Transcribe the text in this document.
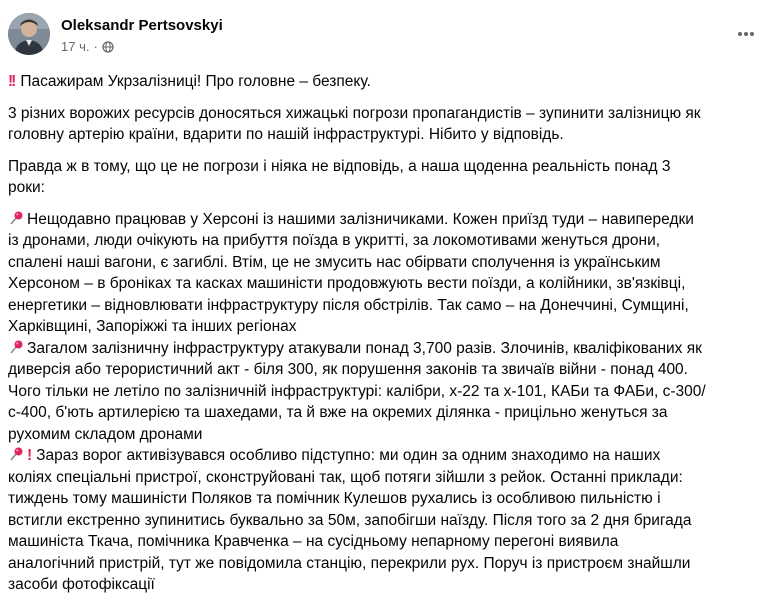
Oleksandr Pertsovskyi
17 ч. ·

!! Пасажирам Укрзалізниці! Про головне – безпеку.

3 різних ворожих ресурсів доносяться хижацькі погрози пропагандистів – зупинити залізницю як
головну артерію країни, вдарити по нашій інфраструктурі. Нібито у відповідь.

Правда ж в тому, що це не погрози і ніяка не відповідь, а наша щоденна реальність понад 3
роки:

Нещодавно працював у Херсоні із нашими залізничиками. Кожен приїзд туди – навипередки
із дронами, люди очікують на прибуття поїзда в укритті, за локомотивами женуться дрони,
спалені наші вагони, є загиблі. Втім, це не змусить нас обірвати сполучення із українським
Херсоном – в броніках та касках машиністи продовжують вести поїзди, а колійники, зв'язківці,
енергетики – відновлювати інфраструктуру після обстрілів. Так само – на Донеччині, Сумщині,
Харківщині, Запоріжжі та інших регіонах

Загалом залізничну інфраструктуру атакували понад 3,700 разів. Злочинів, кваліфікованих як
диверсія або терористичний акт - біля 300, як порушення законів та звичаїв війни - понад 400.
Чого тільки не летіло по залізничній інфраструктурі: калібри, х-22 та х-101, КАБи та ФАБи, с-300/
с-400, б'ють артилерією та шахедами, та й вже на окремих ділянка - прицільно женуться за
рухомим складом дронами

! Зараз ворог активізувався особливо підступно: ми один за одним знаходимо на наших
коліях спеціальні пристрої, сконструйовані так, щоб потяги зійшли з рейок. Останні приклади:
тиждень тому машиністи Поляков та помічник Кулешов рухались із особливою пильністю і
встигли екстренно зупинитись буквально за 50м, запобігши наїзду. Після того за 2 дня бригада
машиніста Ткача, помічника Кравченка – на сусідньому непарному перегоні виявила
аналогічний пристрій, тут же повідомила станцію, перекрили рух. Поруч із пристроєм знайшли
засоби фотофіксації
